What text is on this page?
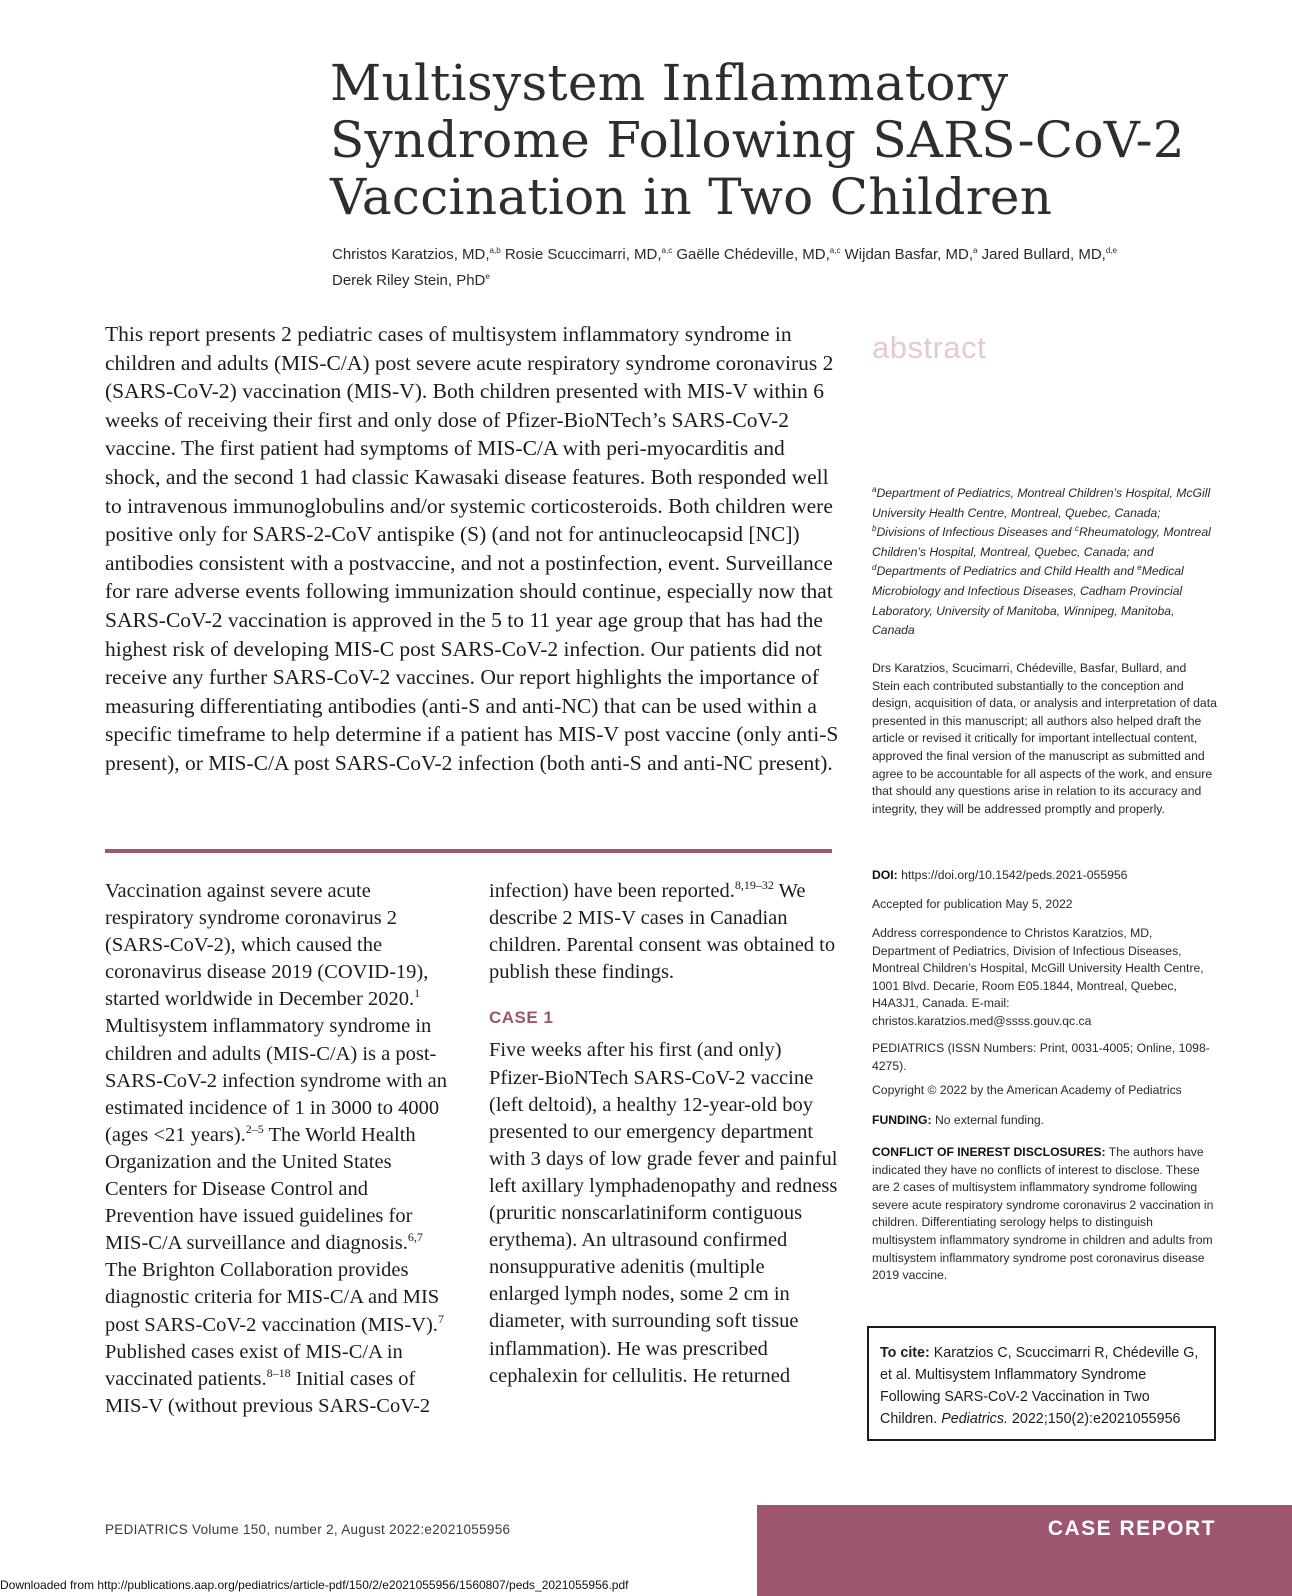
Multisystem Inflammatory Syndrome Following SARS-CoV-2 Vaccination in Two Children
Christos Karatzios, MD,$^{a,b}$ Rosie Scuccimarri, MD,$^{a,c}$ Gaëlle Chédeville, MD,$^{a,c}$ Wijdan Basfar, MD,$^a$ Jared Bullard, MD,$^{d,e}$
Derek Riley Stein, PhD$^e$

This report presents 2 pediatric cases of multisystem inflammatory syndrome in children and adults (MIS-C/A) post severe acute respiratory syndrome coronavirus 2 (SARS-CoV-2) vaccination (MIS-V). Both children presented with MIS-V within 6 weeks of receiving their first and only dose of Pfizer-BioNTech’s SARS-CoV-2 vaccine. The first patient had symptoms of MIS-C/A with peri-myocarditis and shock, and the second 1 had classic Kawasaki disease features. Both responded well to intravenous immunoglobulins and/or systemic corticosteroids. Both children were positive only for SARS-2-CoV antispike (S) (and not for antinucleocapsid [NC]) antibodies consistent with a postvaccine, and not a postinfection, event. Surveillance for rare adverse events following immunization should continue, especially now that SARS-CoV-2 vaccination is approved in the 5 to 11 year age group that has had the highest risk of developing MIS-C post SARS-CoV-2 infection. Our patients did not receive any further SARS-CoV-2 vaccines. Our report highlights the importance of measuring differentiating antibodies (anti-S and anti-NC) that can be used within a specific timeframe to help determine if a patient has MIS-V post vaccine (only anti-S present), or MIS-C/A post SARS-CoV-2 infection (both anti-S and anti-NC present).

abstract

Vaccination against severe acute respiratory syndrome coronavirus 2 (SARS-CoV-2), which caused the coronavirus disease 2019 (COVID-19), started worldwide in December 2020.$^1$ Multisystem inflammatory syndrome in children and adults (MIS-C/A) is a post-SARS-CoV-2 infection syndrome with an estimated incidence of 1 in 3000 to 4000 (ages <21 years).$^{2-5}$ The World Health Organization and the United States Centers for Disease Control and Prevention have issued guidelines for MIS-C/A surveillance and diagnosis.$^{6,7}$ The Brighton Collaboration provides diagnostic criteria for MIS-C/A and MIS post SARS-CoV-2 vaccination (MIS-V).$^7$ Published cases exist of MIS-C/A in vaccinated patients.$^{8-18}$ Initial cases of MIS-V (without previous SARS-CoV-2

infection) have been reported.$^{8,19-32}$ We describe 2 MIS-V cases in Canadian children. Parental consent was obtained to publish these findings.

CASE 1

Five weeks after his first (and only) Pfizer-BioNTech SARS-CoV-2 vaccine (left deltoid), a healthy 12-year-old boy presented to our emergency department with 3 days of low grade fever and painful left axillary lymphadenopathy and redness (pruritic nonscarlatiniform contiguous erythema). An ultrasound confirmed nonsuppurative adenitis (multiple enlarged lymph nodes, some 2 cm in diameter, with surrounding soft tissue inflammation). He was prescribed cephalexin for cellulitis. He returned

$^a$Department of Pediatrics, Montreal Children’s Hospital, McGill University Health Centre, Montreal, Quebec, Canada; $^b$Divisions of Infectious Diseases and $^c$Rheumatology, Montreal Children’s Hospital, Montreal, Quebec, Canada; and $^d$Departments of Pediatrics and Child Health and $^e$Medical Microbiology and Infectious Diseases, Cadham Provincial Laboratory, University of Manitoba, Winnipeg, Manitoba, Canada

Drs Karatzios, Scucimarri, Chédeville, Basfar, Bullard, and Stein each contributed substantially to the conception and design, acquisition of data, or analysis and interpretation of data presented in this manuscript; all authors also helped draft the article or revised it critically for important intellectual content, approved the final version of the manuscript as submitted and agree to be accountable for all aspects of the work, and ensure that should any questions arise in relation to its accuracy and integrity, they will be addressed promptly and properly.

DOI: https://doi.org/10.1542/peds.2021-055956

Accepted for publication May 5, 2022

Address correspondence to Christos Karatzios, MD, Department of Pediatrics, Division of Infectious Diseases, Montreal Children’s Hospital, McGill University Health Centre, 1001 Blvd. Decarie, Room E05.1844, Montreal, Quebec, H4A3J1, Canada. E-mail: christos.karatzios.med@ssss.gouv.qc.ca

PEDIATRICS (ISSN Numbers: Print, 0031-4005; Online, 1098-4275).

Copyright © 2022 by the American Academy of Pediatrics

FUNDING: No external funding.

CONFLICT OF INEREST DISCLOSURES: The authors have indicated they have no conflicts of interest to disclose. These are 2 cases of multisystem inflammatory syndrome following severe acute respiratory syndrome coronavirus 2 vaccination in children. Differentiating serology helps to distinguish multisystem inflammatory syndrome in children and adults from multisystem inflammatory syndrome post coronavirus disease 2019 vaccine.

To cite: Karatzios C, Scuccimarri R, Chédeville G, et al. Multisystem Inflammatory Syndrome Following SARS-CoV-2 Vaccination in Two Children. Pediatrics. 2022;150(2):e2021055956
PEDIATRICS Volume 150, number 2, August 2022:e2021055956	CASE REPORT
Downloaded from http://publications.aap.org/pediatrics/article-pdf/150/2/e2021055956/1560807/peds_2021055956.pdf
